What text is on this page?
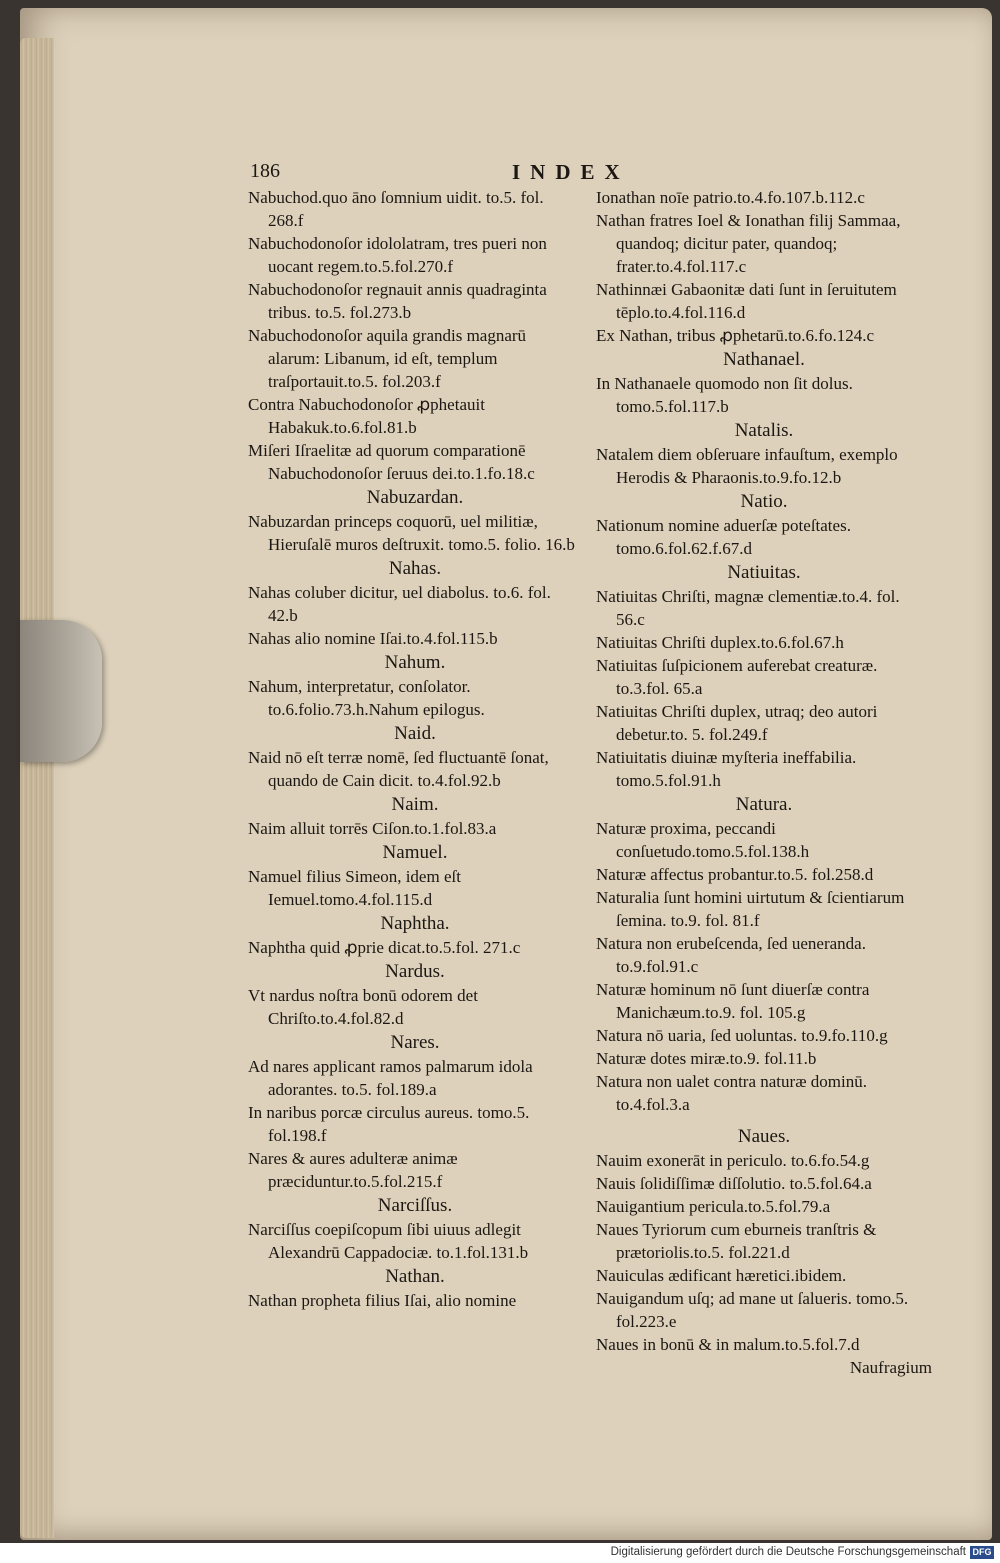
186	INDEX
Nabuchod.quo āno ſomnium uidit. to.5. fol. 268.f
Nabuchodonoſor idololatram, tres pueri non uocant regem.to.5.fol.270.f
Nabuchodonoſor regnauit annis quadraginta tribus. to.5. fol.273.b
Nabuchodonoſor aquila grandis magnarū alarum: Libanum, id eſt, templum traſportauit.to.5. fol.203.f
Contra Nabuchodonoſor ꝓphetauit Habakuk.to.6.fol.81.b
Miſeri Iſraelitæ ad quorum comparationē Nabuchodonoſor ſeruus dei.to.1.fo.18.c
Nabuzardan.
Nabuzardan princeps coquorū, uel militiæ, Hieruſalē muros deſtruxit. tomo.5. folio. 16.b
Nahas.
Nahas coluber dicitur, uel diabolus. to.6. fol. 42.b
Nahas alio nomine Iſai.to.4.fol.115.b
Nahum.
Nahum, interpretatur, conſolator. to.6.folio.73.h.Nahum epilogus.
Naid.
Naid nō eſt terræ nomē, ſed fluctuantē ſonat, quando de Cain dicit. to.4.fol.92.b
Naim.
Naim alluit torrēs Ciſon.to.1.fol.83.a
Namuel.
Namuel filius Simeon, idem eſt Iemuel.tomo.4.fol.115.d
Naphtha.
Naphtha quid ꝓprie dicat.to.5.fol. 271.c
Nardus.
Vt nardus noſtra bonū odorem det Chriſto.to.4.fol.82.d
Nares.
Ad nares applicant ramos palmarum idola adorantes. to.5. fol.189.a
In naribus porcæ circulus aureus. tomo.5. fol.198.f
Nares & aures adulteræ animæ præciduntur.to.5.fol.215.f
Narciſſus.
Narciſſus coepiſcopum ſibi uiuus adlegit Alexandrū Cappadociæ. to.1.fol.131.b
Nathan.
Nathan propheta filius Iſai, alio nomine
Ionathan noīe patrio.to.4.fo.107.b.112.c
Nathan fratres Ioel & Ionathan filij Sammaa, quandoq; dicitur pater, quandoq; frater.to.4.fol.117.c
Nathinnæi Gabaonitæ dati ſunt in ſeruitutem tēplo.to.4.fol.116.d
Ex Nathan, tribus ꝓphetarū.to.6.fo.124.c
Nathanael.
In Nathanaele quomodo non ſit dolus. tomo.5.fol.117.b
Natalis.
Natalem diem obſeruare infauſtum, exemplo Herodis & Pharaonis.to.9.fo.12.b
Natio.
Nationum nomine aduerſæ poteſtates. tomo.6.fol.62.f.67.d
Natiuitas.
Natiuitas Chriſti, magnæ clementiæ.to.4. fol. 56.c
Natiuitas Chriſti duplex.to.6.fol.67.h
Natiuitas ſuſpicionem auferebat creaturæ. to.3.fol. 65.a
Natiuitas Chriſti duplex, utraq; deo autori debetur.to. 5. fol.249.f
Natiuitatis diuinæ myſteria ineffabilia. tomo.5.fol.91.h
Natura.
Naturæ proxima, peccandi conſuetudo.tomo.5.fol.138.h
Naturæ affectus probantur.to.5. fol.258.d
Naturalia ſunt homini uirtutum & ſcientiarum ſemina. to.9. fol. 81.f
Natura non erubeſcenda, ſed ueneranda. to.9.fol.91.c
Naturæ hominum nō ſunt diuerſæ contra Manichæum.to.9. fol. 105.g
Natura nō uaria, ſed uoluntas. to.9.fo.110.g
Naturæ dotes miræ.to.9. fol.11.b
Natura non ualet contra naturæ dominū. to.4.fol.3.a
Naues.
Nauim exonerāt in periculo. to.6.fo.54.g
Nauis ſolidiſſimæ diſſolutio. to.5.fol.64.a
Nauigantium pericula.to.5.fol.79.a
Naues Tyriorum cum eburneis tranſtris & prætoriolis.to.5. fol.221.d
Nauiculas ædificant hæretici.ibidem.
Nauigandum uſq; ad mane ut ſalueris. tomo.5. fol.223.e
Naues in bonū & in malum.to.5.fol.7.d
Naufragium
Digitalisierung gefördert durch die Deutsche Forschungsgemeinschaft DFG
